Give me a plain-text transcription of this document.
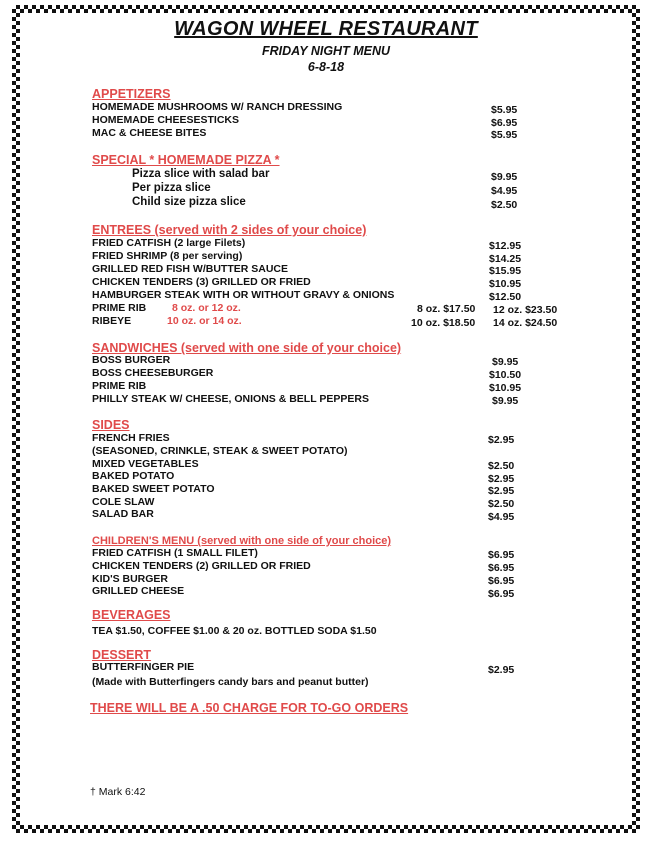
WAGON WHEEL RESTAURANT
FRIDAY NIGHT MENU
6-8-18
APPETIZERS
HOMEMADE MUSHROOMS W/ RANCH DRESSING	$5.95
HOMEMADE CHEESESTICKS	$6.95
MAC & CHEESE BITES	$5.95
SPECIAL * HOMEMADE PIZZA *
Pizza slice with salad bar	$9.95
Per pizza slice	$4.95
Child size pizza slice	$2.50
ENTREES (served with 2 sides of your choice)
FRIED CATFISH (2 large Filets)	$12.95
FRIED SHRIMP (8 per serving)	$14.25
GRILLED RED FISH W/BUTTER SAUCE	$15.95
CHICKEN TENDERS (3) GRILLED OR FRIED	$10.95
HAMBURGER STEAK WITH OR WITHOUT GRAVY & ONIONS	$12.50
PRIME RIB 8 oz. or 12 oz.	8 oz. $17.50 12 oz. $23.50
RIBEYE	10 oz. or 14 oz.	10 oz. $18.50 14 oz. $24.50
SANDWICHES (served with one side of your choice)
BOSS BURGER	$9.95
BOSS CHEESEBURGER	$10.50
PRIME RIB	$10.95
PHILLY STEAK W/ CHEESE, ONIONS & BELL PEPPERS	$9.95
SIDES
FRENCH FRIES	$2.95
(SEASONED, CRINKLE, STEAK & SWEET POTATO)
MIXED VEGETABLES	$2.50
BAKED POTATO	$2.95
BAKED SWEET POTATO	$2.95
COLE SLAW	$2.50
SALAD BAR	$4.95
CHILDREN'S MENU (served with one side of your choice)
FRIED CATFISH (1 SMALL FILET)	$6.95
CHICKEN TENDERS (2) GRILLED OR FRIED	$6.95
KID'S BURGER	$6.95
GRILLED CHEESE	$6.95
BEVERAGES
TEA $1.50, COFFEE $1.00 & 20 oz. BOTTLED SODA $1.50
DESSERT
BUTTERFINGER PIE	$2.95
(Made with Butterfingers candy bars and peanut butter)
THERE WILL BE A .50 CHARGE FOR TO-GO ORDERS
† Mark 6:42
